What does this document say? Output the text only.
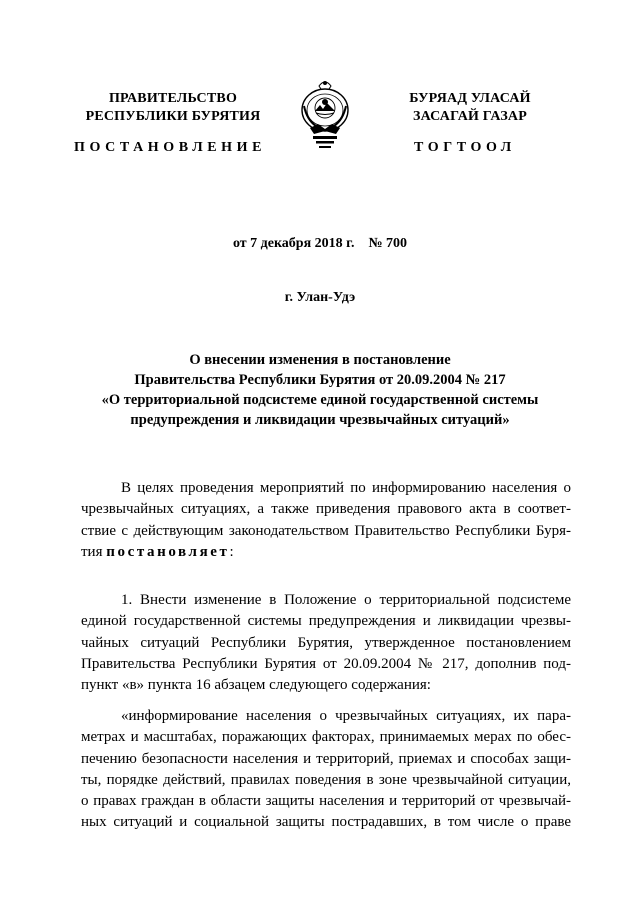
ПРАВИТЕЛЬСТВО
РЕСПУБЛИКИ БУРЯТИЯ
БУРЯАД УЛАСАЙ
ЗАСАГАЙ ГАЗАР
ПОСТАНОВЛЕНИЕ	ТОГТООЛ
от 7 декабря 2018 г. № 700
г. Улан-Удэ
О внесении изменения в постановление
Правительства Республики Бурятия от 20.09.2004 № 217
«О территориальной подсистеме единой государственной системы
предупреждения и ликвидации чрезвычайных ситуаций»
В целях проведения мероприятий по информированию населения о
чрезвычайных ситуациях, а также приведения правового акта в соответ-
ствие с действующим законодательством Правительство Республики Буря-
тия постановляет:
1. Внести изменение в Положение о территориальной подсистеме
единой государственной системы предупреждения и ликвидации чрезвы-
чайных ситуаций Республики Бурятия, утвержденное постановлением
Правительства Республики Бурятия от 20.09.2004 № 217, дополнив под-
пункт «в» пункта 16 абзацем следующего содержания:
«информирование населения о чрезвычайных ситуациях, их пара-
метрах и масштабах, поражающих факторах, принимаемых мерах по обес-
печению безопасности населения и территорий, приемах и способах защи-
ты, порядке действий, правилах поведения в зоне чрезвычайной ситуации,
о правах граждан в области защиты населения и территорий от чрезвычай-
ных ситуаций и социальной защиты пострадавших, в том числе о праве
